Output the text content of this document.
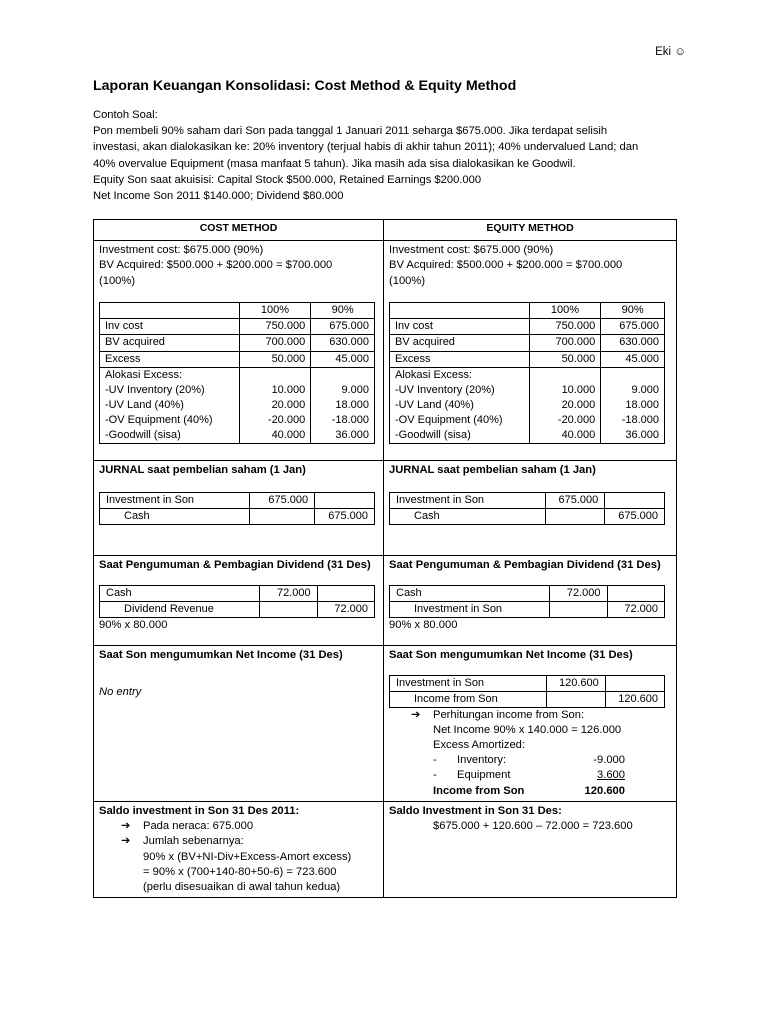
Eki ☺
Laporan Keuangan Konsolidasi: Cost Method & Equity Method
Contoh Soal:
Pon membeli 90% saham dari Son pada tanggal 1 Januari 2011 seharga $675.000. Jika terdapat selisih
investasi, akan dialokasikan ke: 20% inventory (terjual habis di akhir tahun 2011); 40% undervalued Land; dan
40% overvalue Equipment (masa manfaat 5 tahun). Jika masih ada sisa dialokasikan ke Goodwil.
Equity Son saat akuisisi: Capital Stock $500.000, Retained Earnings $200.000
Net Income Son 2011 $140.000; Dividend $80.000
COST METHOD	EQUITY METHOD

Investment cost: $675.000 (90%)
BV Acquired: $500.000 + $200.000 = $700.000
(100%)
	100%	90%
Inv cost	750.000	675.000
BV acquired	700.000	630.000
Excess	50.000	45.000
Alokasi Excess:		
-UV Inventory (20%)	10.000	9.000
-UV Land (40%)	20.000	18.000
-OV Equipment (40%)	-20.000	-18.000
-Goodwill (sisa)	40.000	36.000

Investment cost: $675.000 (90%)
BV Acquired: $500.000 + $200.000 = $700.000
(100%)
	100%	90%
Inv cost	750.000	675.000
BV acquired	700.000	630.000
Excess	50.000	45.000
Alokasi Excess:		
-UV Inventory (20%)	10.000	9.000
-UV Land (40%)	20.000	18.000
-OV Equipment (40%)	-20.000	-18.000
-Goodwill (sisa)	40.000	36.000

JURNAL saat pembelian saham (1 Jan)
Investment in Son	675.000	
Cash		675.000

JURNAL saat pembelian saham (1 Jan)
Investment in Son	675.000	
Cash		675.000

Saat Pengumuman & Pembagian Dividend (31 Des)
Cash	72.000	
Dividend Revenue		72.000
90% x 80.000

Saat Pengumuman & Pembagian Dividend (31 Des)
Cash	72.000	
Investment in Son		72.000
90% x 80.000

Saat Son mengumumkan Net Income (31 Des)
No entry

Saat Son mengumumkan Net Income (31 Des)
Investment in Son	120.600	
Income from Son		120.600
➔ Perhitungan income from Son:
Net Income 90% x 140.000 = 126.000
Excess Amortized:
-	Inventory:	-9.000
-	Equipment	3.600
Income from Son	120.600

Saldo investment in Son 31 Des 2011:
➔ Pada neraca: 675.000
➔ Jumlah sebenarnya:
90% x (BV+NI-Div+Excess-Amort excess)
= 90% x (700+140-80+50-6) = 723.600
(perlu disesuaikan di awal tahun kedua)

Saldo Investment in Son 31 Des:
$675.000 + 120.600 – 72.000 = 723.600
